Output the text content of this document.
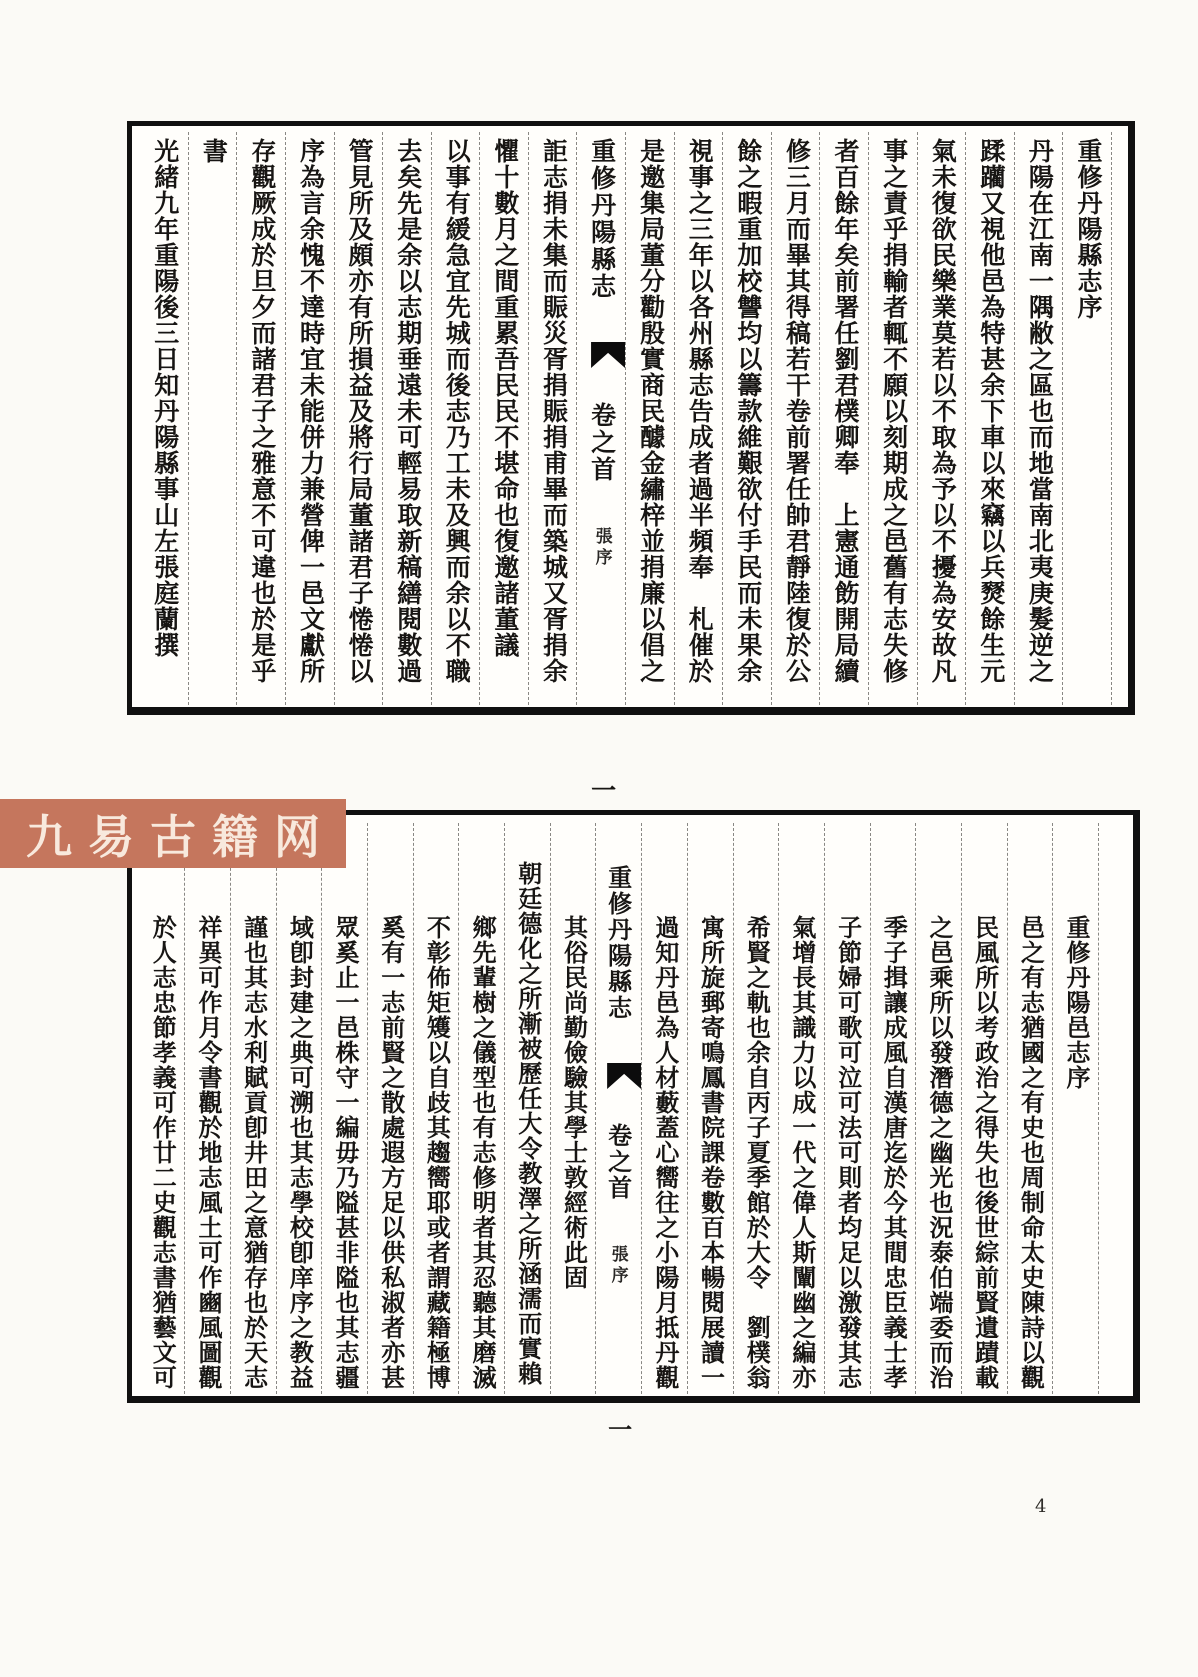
重修丹陽縣志序
丹陽在江南一隅敝之區也而地當南北夷庚髮逆之
蹂躪又視他邑為特甚余下車以來竊以兵燹餘生元
氣未復欲民樂業莫若以不取為予以不擾為安故凡
事之責乎捐輸者輒不願以刻期成之邑舊有志失修
者百餘年矣前署任劉君樸卿奉　上憲通飭開局續
修三月而畢其得稿若干卷前署任帥君靜陸復於公
餘之暇重加校讐均以籌款維艱欲付手民而未果余
視事之三年以各州縣志告成者過半頻奉　札催於
是邀集局董分勸殷實商民醵金繡梓並捐廉以倡之
重修丹陽縣志  卷之首 張序 一
詎志捐未集而賑災胥捐賑捐甫畢而築城又胥捐余
懼十數月之間重累吾民民不堪命也復邀諸董議
以事有緩急宜先城而後志乃工未及興而余以不職
去矣先是余以志期垂遠未可輕易取新稿繕閱數過
管見所及頗亦有所損益及將行局董諸君子惓惓以
序為言余愧不達時宜未能併力兼營俾一邑文獻所
存觀厥成於旦夕而諸君子之雅意不可違也於是乎
書
光緒九年重陽後三日知丹陽縣事山左張庭蘭撰
九易古籍网
重修丹陽邑志序
邑之有志猶國之有史也周制命太史陳詩以觀
民風所以考政治之得失也後世綜前賢遺蹟載
之邑乘所以發潛德之幽光也況泰伯端委而治
季子揖讓成風自漢唐迄於今其間忠臣義士孝
子節婦可歌可泣可法可則者均足以激發其志
氣增長其識力以成一代之偉人斯闡幽之編亦
希賢之軌也余自丙子夏季館於大令　劉樸翁
寓所旋郵寄鳴鳳書院課卷數百本暢閱展讀一
過知丹邑為人材藪蓋心嚮往之小陽月抵丹觀
重修丹陽縣志  卷之首 張序 一
其俗民尚勤儉驗其學士敦經術此固
朝廷德化之所漸被歷任大令教澤之所涵濡而實賴
鄉先輩樹之儀型也有志修明者其忍聽其磨滅
不彰佈矩矱以自歧其趨嚮耶或者謂藏籍極博
奚有一志前賢之散處遐方足以供私淑者亦甚
眾奚止一邑株守一編毋乃隘甚非隘也其志疆
域卽封建之典可溯也其志學校卽庠序之教益
謹也其志水利賦貢卽井田之意猶存也於天志
祥異可作月令書觀於地志風土可作豳風圖觀
於人志忠節孝義可作廿二史觀志書猶藝文可
4
